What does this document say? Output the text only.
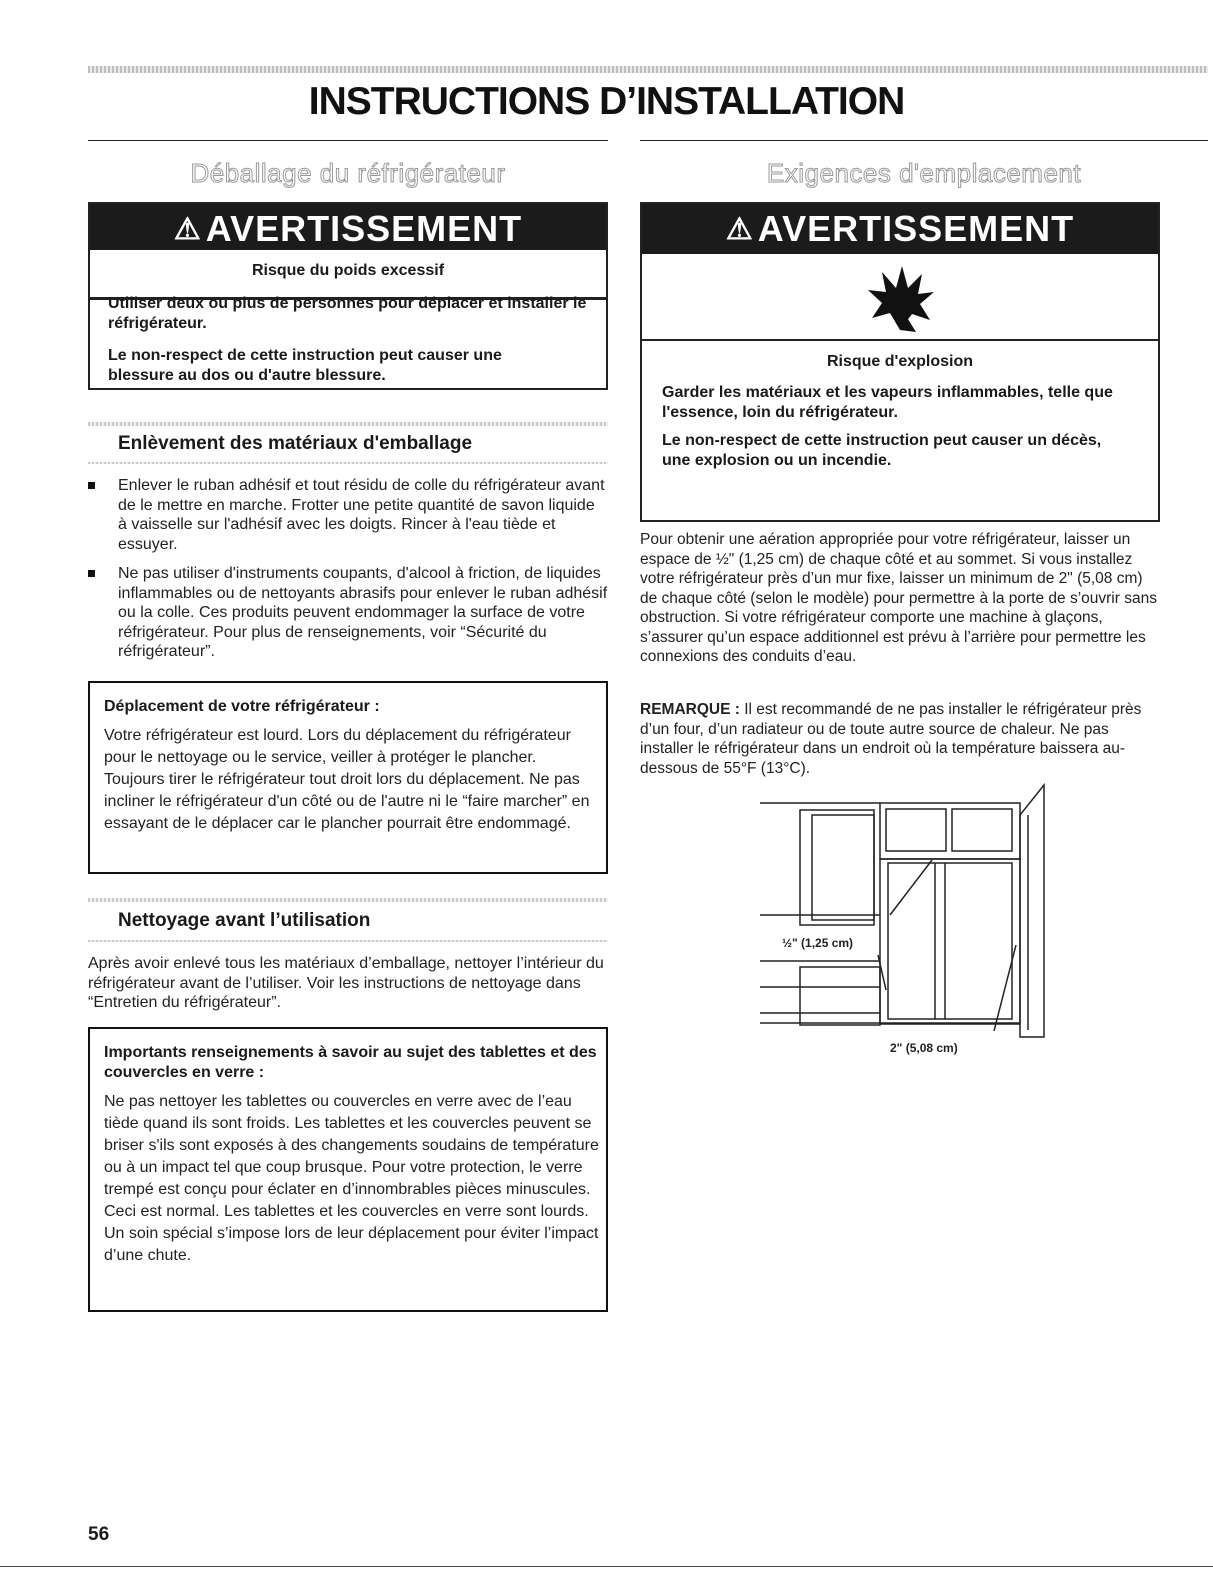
INSTRUCTIONS D’INSTALLATION
Déballage du réfrigérateur
⚠ AVERTISSEMENT
Risque du poids excessif
Utiliser deux ou plus de personnes pour déplacer et installer le réfrigérateur.
Le non-respect de cette instruction peut causer une blessure au dos ou d'autre blessure.
Enlèvement des matériaux d'emballage
Enlever le ruban adhésif et tout résidu de colle du réfrigérateur avant de le mettre en marche. Frotter une petite quantité de savon liquide à vaisselle sur l'adhésif avec les doigts. Rincer à l'eau tiède et essuyer.
Ne pas utiliser d'instruments coupants, d'alcool à friction, de liquides inflammables ou de nettoyants abrasifs pour enlever le ruban adhésif ou la colle. Ces produits peuvent endommager la surface de votre réfrigérateur. Pour plus de renseignements, voir “Sécurité du réfrigérateur”.
Déplacement de votre réfrigérateur :
Votre réfrigérateur est lourd. Lors du déplacement du réfrigérateur pour le nettoyage ou le service, veiller à protéger le plancher. Toujours tirer le réfrigérateur tout droit lors du déplacement. Ne pas incliner le réfrigérateur d'un côté ou de l'autre ni le “faire marcher” en essayant de le déplacer car le plancher pourrait être endommagé.
Nettoyage avant l’utilisation
Après avoir enlevé tous les matériaux d’emballage, nettoyer l’intérieur du réfrigérateur avant de l’utiliser. Voir les instructions de nettoyage dans “Entretien du réfrigérateur”.
Importants renseignements à savoir au sujet des tablettes et des couvercles en verre :
Ne pas nettoyer les tablettes ou couvercles en verre avec de l’eau tiède quand ils sont froids. Les tablettes et les couvercles peuvent se briser s'ils sont exposés à des changements soudains de température ou à un impact tel que coup brusque. Pour votre protection, le verre trempé est conçu pour éclater en d’innombrables pièces minuscules. Ceci est normal. Les tablettes et les couvercles en verre sont lourds. Un soin spécial s’impose lors de leur déplacement pour éviter l’impact d’une chute.
Exigences d'emplacement
⚠ AVERTISSEMENT
Risque d'explosion
Garder les matériaux et les vapeurs inflammables, telle que l'essence, loin du réfrigérateur.
Le non-respect de cette instruction peut causer un décès, une explosion ou un incendie.
Pour obtenir une aération appropriée pour votre réfrigérateur, laisser un espace de ½" (1,25 cm) de chaque côté et au sommet. Si vous installez votre réfrigérateur près d’un mur fixe, laisser un minimum de 2" (5,08 cm) de chaque côté (selon le modèle) pour permettre à la porte de s’ouvrir sans obstruction. Si votre réfrigérateur comporte une machine à glaçons, s’assurer qu’un espace additionnel est prévu à l’arrière pour permettre les connexions des conduits d’eau.
REMARQUE : Il est recommandé de ne pas installer le réfrigérateur près d’un four, d’un radiateur ou de toute autre source de chaleur. Ne pas installer le réfrigérateur dans un endroit où la température baissera au-dessous de 55°F (13°C).
½" (1,25 cm)
2" (5,08 cm)
56
